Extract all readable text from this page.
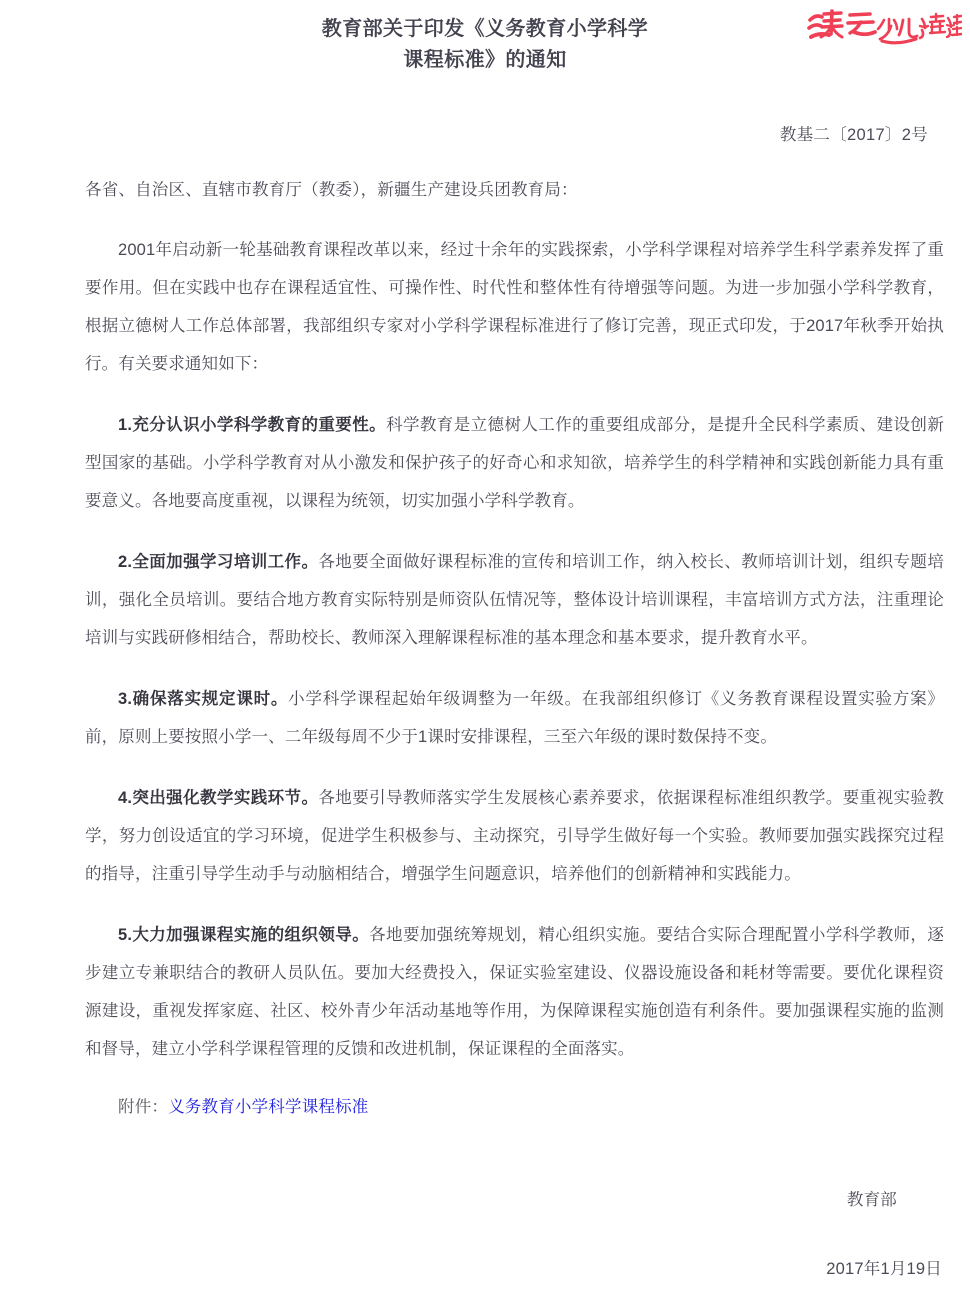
教育部关于印发《义务教育小学科学
课程标准》的通知
教基二〔2017〕2号

各省、自治区、直辖市教育厅（教委），新疆生产建设兵团教育局：

2001年启动新一轮基础教育课程改革以来，经过十余年的实践探索，小学科学课程对培养学生科学素养发挥了重要作用。但在实践中也存在课程适宜性、可操作性、时代性和整体性有待增强等问题。为进一步加强小学科学教育，根据立德树人工作总体部署，我部组织专家对小学科学课程标准进行了修订完善，现正式印发，于2017年秋季开始执行。有关要求通知如下：

1.充分认识小学科学教育的重要性。科学教育是立德树人工作的重要组成部分，是提升全民科学素质、建设创新型国家的基础。小学科学教育对从小激发和保护孩子的好奇心和求知欲，培养学生的科学精神和实践创新能力具有重要意义。各地要高度重视，以课程为统领，切实加强小学科学教育。

2.全面加强学习培训工作。各地要全面做好课程标准的宣传和培训工作，纳入校长、教师培训计划，组织专题培训，强化全员培训。要结合地方教育实际特别是师资队伍情况等，整体设计培训课程，丰富培训方式方法，注重理论培训与实践研修相结合，帮助校长、教师深入理解课程标准的基本理念和基本要求，提升教育水平。

3.确保落实规定课时。小学科学课程起始年级调整为一年级。在我部组织修订《义务教育课程设置实验方案》前，原则上要按照小学一、二年级每周不少于1课时安排课程，三至六年级的课时数保持不变。

4.突出强化教学实践环节。各地要引导教师落实学生发展核心素养要求，依据课程标准组织教学。要重视实验教学，努力创设适宜的学习环境，促进学生积极参与、主动探究，引导学生做好每一个实验。教师要加强实践探究过程的指导，注重引导学生动手与动脑相结合，增强学生问题意识，培养他们的创新精神和实践能力。

5.大力加强课程实施的组织领导。各地要加强统筹规划，精心组织实施。要结合实际合理配置小学科学教师，逐步建立专兼职结合的教研人员队伍。要加大经费投入，保证实验室建设、仪器设施设备和耗材等需要。要优化课程资源建设，重视发挥家庭、社区、校外青少年活动基地等作用，为保障课程实施创造有利条件。要加强课程实施的监测和督导，建立小学科学课程管理的反馈和改进机制，保证课程的全面落实。

附件：义务教育小学科学课程标准

教育部
2017年1月19日
